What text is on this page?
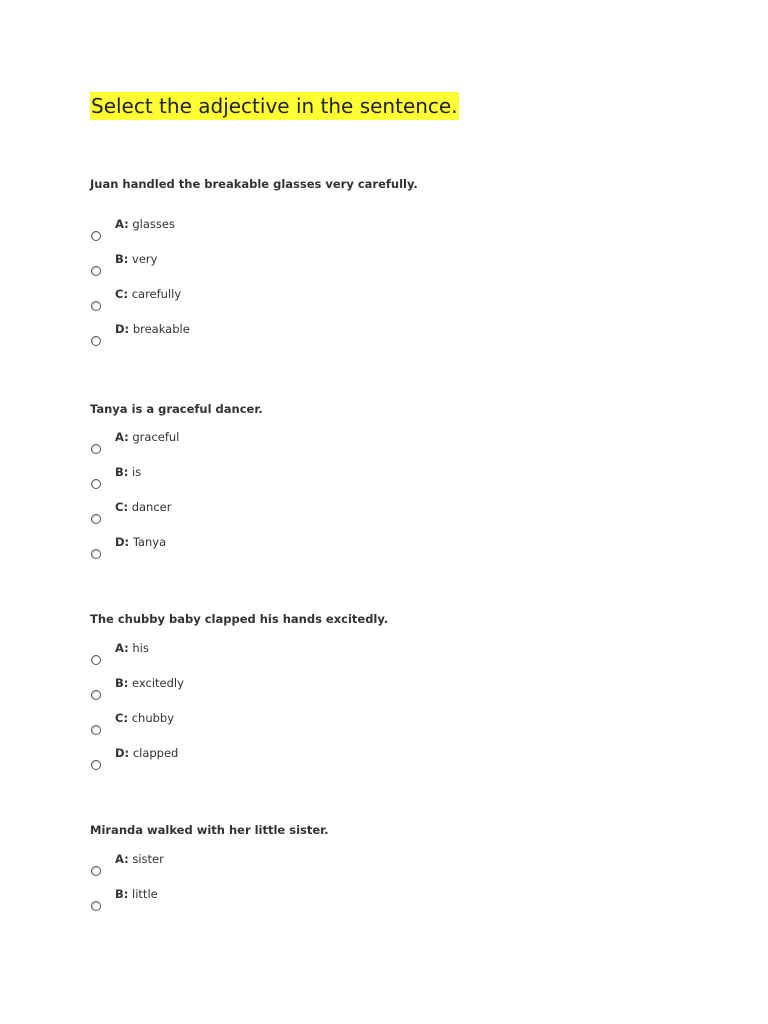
Select the adjective in the sentence.

Juan handled the breakable glasses very carefully.

A: glasses
B: very
C: carefully
D: breakable

Tanya is a graceful dancer.

A: graceful
B: is
C: dancer
D: Tanya

The chubby baby clapped his hands excitedly.

A: his
B: excitedly
C: chubby
D: clapped

Miranda walked with her little sister.

A: sister
B: little
